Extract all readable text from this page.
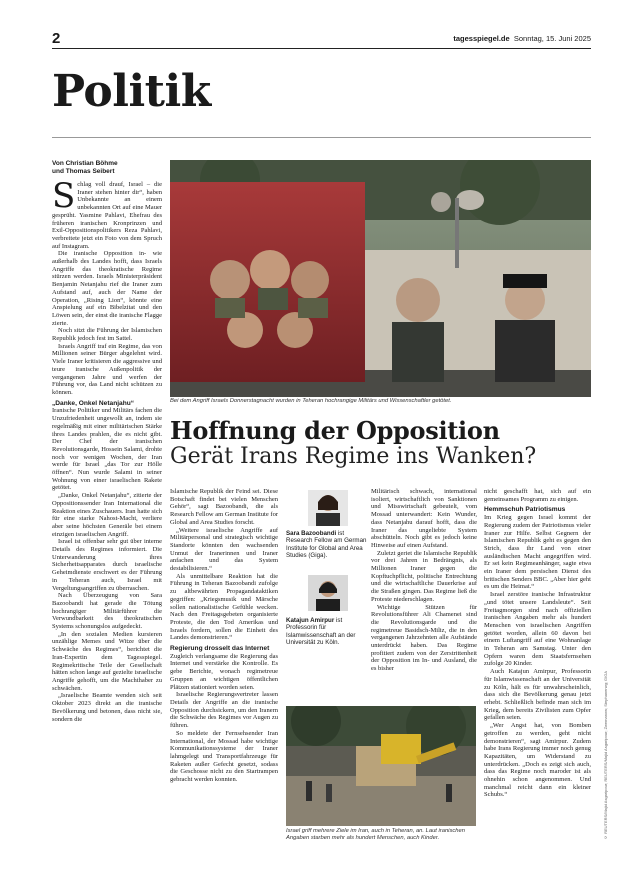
2	tagesspiegel.de Sonntag, 15. Juni 2025
Politik
Von Christian Böhme
und Thomas Seibert

Schlag voll drauf, Israel – die Iraner stehen hinter dir“, haben Unbekannte an einem unbekannten Ort auf eine Mauer gesprüht. Yasmine Pahlavi, Ehefrau des früheren iranischen Kronprinzen und Exil-Oppositionspolitikers Reza Pahlavi, verbreitete jetzt ein Foto von dem Spruch auf Instagram.

Die iranische Opposition in- wie außerhalb des Landes hofft, dass Israels Angriffe das theokratische Regime stürzen werden. Israels Ministerpräsident Benjamin Netanjahu rief die Iraner zum Aufstand auf, auch der Name der Operation, „Rising Lion“, könnte eine Anspielung auf ein Bibelzitat und den Löwen sein, der einst die iranische Flagge zierte.

Noch sitzt die Führung der Islamischen Republik jedoch fest im Sattel.

Israels Angriff traf ein Regime, das von Millionen seiner Bürger abgelehnt wird. Viele Iraner kritisieren die aggressive und teure iranische Außenpolitik der vergangenen Jahre und werfen der Führung vor, das Land nicht schützen zu können.

„Danke, Onkel Netanjahu“

Iranische Politiker und Militärs fachen die Unzufriedenheit ungewollt an, indem sie regelmäßig mit einer militärischen Stärke ihres Landes prahlen, die es nicht gibt. Der Chef der iranischen Revolutionsgarde, Hossein Salami, drohte noch vor wenigen Wochen, der Iran werde für Israel „das Tor zur Hölle öffnen“. Nun wurde Salami in seiner Wohnung von einer israelischen Rakete getötet.

„Danke, Onkel Netanjahu“, zitierte der Oppositionssender Iran International die Reaktion eines Zuschauers. Iran hatte sich für eine starke Nahost-Macht, verliere aber seine höchsten Generäle bei einem einzigen israelischen Angriff.

Israel ist offenbar sehr gut über interne Details des Regimes informiert. Die Unterwanderung ihres Sicherheitsapparates durch israelische Geheimdienste erschwert es der Führung in Teheran auch, Israel mit Vergeltungsangriffen zu überraschen.

Nach Überzeugung von Sara Bazoobandi hat gerade die Tötung hochrangiger Militärführer die Verwundbarkeit des theokratischen Systems schonungslos aufgedeckt.

„In den sozialen Medien kursieren unzählige Memes und Witze über die Schwäche des Regimes“, berichtet die Iran-Expertin dem Tagesspiegel. Regimekritische Teile der Gesellschaft hätten schon lange auf gezielte israelische Angriffe gehofft, um die Machthaber zu schwächen.

„Israelische Beamte wenden sich seit Oktober 2023 direkt an die iranische Bevölkerung und betonen, dass nicht sie, sondern die

Bei dem Angriff Israels Donnerstagnacht wurden in Teheran hochrangige Militärs und Wissenschaftler getötet.
Hoffnung der Opposition
Gerät Irans Regime ins Wanken?

Islamische Republik der Feind sei. Diese Botschaft findet bei vielen Menschen Gehör“, sagt Bazoobandi, die als Research Fellow am German Institute for Global and Area Studies forscht.

„Weitere israelische Angriffe auf Militärpersonal und strategisch wichtige Standorte könnten den wachsenden Unmut der Iranerinnen und Iraner anfachen und das System destabilisieren.“

Als unmittelbare Reaktion hat die Führung in Teheran Bazoobandi zufolge zu altbewährten Propagandataktiken gegriffen: „Kriegsmusik und Märsche sollen nationalistische Gefühle wecken. Nach den Freitagsgebeten organisierte Proteste, die den Tod Amerikas und Israels fordern, sollen die Einheit des Landes demonstrieren.“

Regierung drosselt das Internet

Zugleich verlangsame die Regierung das Internet und verstärke die Kontrolle. Es gebe Berichte, wonach regimetreue Gruppen an wichtigen öffentlichen Plätzen stationiert worden seien.

Israelische Regierungsvertreter lassen Details der Angriffe an die iranische Opposition durchsickern, um den Iranern die Schwäche des Regimes vor Augen zu führen.

So meldete der Fernsehsender Iran International, der Mossad habe wichtige Kommunikationssysteme der Iraner lahmgelegt und Transportfahrzeuge für Raketen außer Gefecht gesetzt, sodass die Geschosse nicht zu den Startrampen gebracht werden konnten.

Sara Bazoobandi ist Research Fellow am German Institute for Global and Area Studies (Giga).
Katajun Amirpur ist Professorin für Islamwissenschaft an der Universität zu Köln.

Militärisch schwach, international isoliert, wirtschaftlich von Sanktionen und Misswirtschaft gebeutelt, vom Mossad unterwandert: Kein Wunder, dass Netanjahu darauf hofft, dass die Iraner das ungeliebte System abschütteln. Noch gibt es jedoch keine Hinweise auf einen Aufstand.

Zuletzt geriet die Islamische Republik vor drei Jahren in Bedrängnis, als Millionen Iraner gegen die Kopftuchpflicht, politische Entrechtung und die wirtschaftliche Dauerkrise auf die Straßen gingen. Das Regime ließ die Proteste niederschlagen.

Wichtige Stützen für Revolutionsführer Ali Chamenei sind die Revolutionsgarde und die regimetreue Basidsch-Miliz, die in den vergangenen Jahrzehnten alle Aufstände unterdrückt haben. Das Regime profitiert zudem von der Zerstrittenheit der Opposition im In- und Ausland, die es bisher

nicht geschafft hat, sich auf ein gemeinsames Programm zu einigen.

Hemmschuh Patriotismus

Im Krieg gegen Israel kommt der Regierung zudem der Patriotismus vieler Iraner zur Hilfe. Selbst Gegnern der Islamischen Republik geht es gegen den Strich, dass ihr Land von einer ausländischen Macht angegriffen wird. Er sei kein Regimeanhänger, sagte etwa ein Iraner dem persischen Dienst des britischen Senders BBC. „Aber hier geht es um die Heimat.“

Israel zerstöre iranische Infrastruktur „und tötet unsere Landsleute“. Seit Freitagmorgen sind nach offiziellen iranischen Angaben mehr als hundert Menschen von israelischen Angriffen getötet worden, allein 60 davon bei einem Luftangriff auf eine Wohnanlage in Teheran am Samstag. Unter den Opfern waren dem Staatsfernsehen zufolge 20 Kinder.

Auch Katajun Amirpur, Professorin für Islamwissenschaft an der Universität zu Köln, hält es für unwahrscheinlich, dass sich die Bevölkerung genau jetzt erhebt. Schließlich befinde man sich im Krieg, dem bereits Zivilisten zum Opfer gefallen seien.

„Wer Angst hat, von Bomben getroffen zu werden, geht nicht demonstrieren“, sagt Amirpur. Zudem habe Irans Regierung immer noch genug Kapazitäten, um Widerstand zu unterdrücken. „Doch es zeigt sich auch, dass das Regime noch maroder ist als ohnehin schon angenommen. Und manchmal reicht dann ein kleiner Schubs.“

Israel griff mehrere Ziele im Iran, auch in Teheran, an. Laut iranischen Angaben starben mehr als hundert Menschen, auch Kinder.	© REUTERS/Majid Asgaripour; REUTERS/Majid Asgaripour; Zwemanow; Stephanerwg; GIGA
